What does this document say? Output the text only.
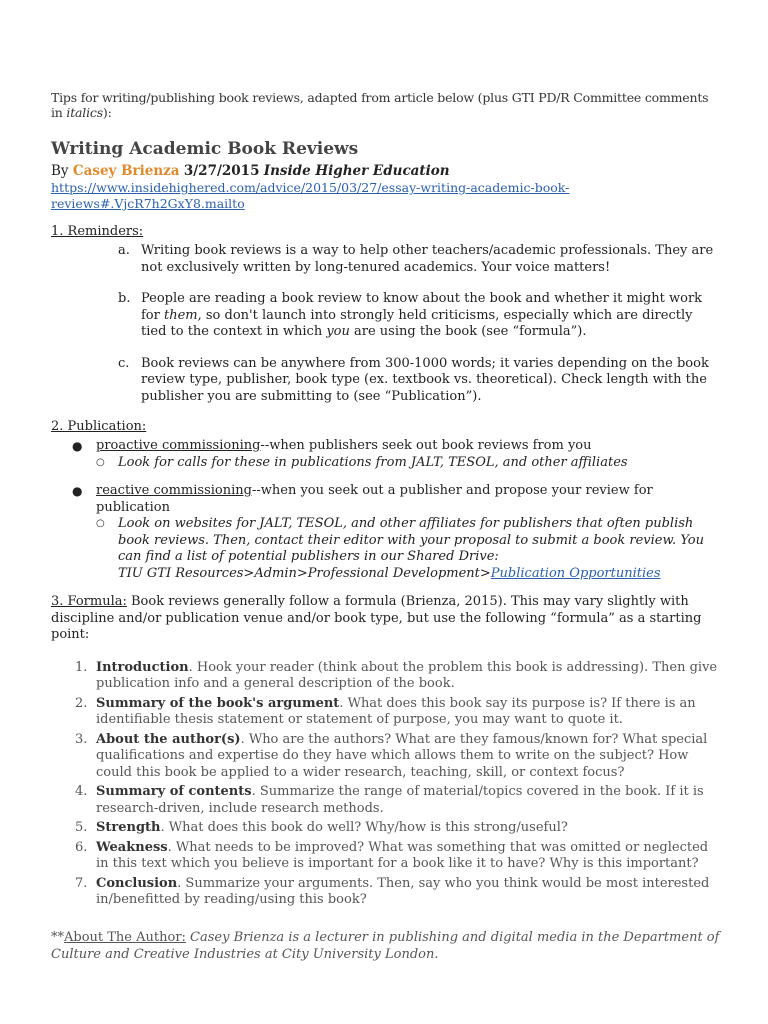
Tips for writing/publishing book reviews, adapted from article below (plus GTI PD/R Committee comments in italics):

Writing Academic Book Reviews
By Casey Brienza 3/27/2015 Inside Higher Education
https://www.insidehighered.com/advice/2015/03/27/essay-writing-academic-book-reviews#.VjcR7h2GxY8.mailto
1. Reminders:
a. Writing book reviews is a way to help other teachers/academic professionals. They are not exclusively written by long-tenured academics. Your voice matters!
b. People are reading a book review to know about the book and whether it might work for them, so don't launch into strongly held criticisms, especially which are directly tied to the context in which you are using the book (see “formula”).
c. Book reviews can be anywhere from 300-1000 words; it varies depending on the book review type, publisher, book type (ex. textbook vs. theoretical). Check length with the publisher you are submitting to (see “Publication”).
2. Publication:
● proactive commissioning--when publishers seek out book reviews from you
○ Look for calls for these in publications from JALT, TESOL, and other affiliates
● reactive commissioning--when you seek out a publisher and propose your review for publication
○ Look on websites for JALT, TESOL, and other affiliates for publishers that often publish book reviews. Then, contact their editor with your proposal to submit a book review. You can find a list of potential publishers in our Shared Drive:
TIU GTI Resources>Admin>Professional Development>Publication Opportunities

3. Formula: Book reviews generally follow a formula (Brienza, 2015). This may vary slightly with discipline and/or publication venue and/or book type, but use the following “formula” as a starting point:

1. Introduction. Hook your reader (think about the problem this book is addressing). Then give publication info and a general description of the book.
2. Summary of the book's argument. What does this book say its purpose is? If there is an identifiable thesis statement or statement of purpose, you may want to quote it.
3. About the author(s). Who are the authors? What are they famous/known for? What special qualifications and expertise do they have which allows them to write on the subject? How could this book be applied to a wider research, teaching, skill, or context focus?
4. Summary of contents. Summarize the range of material/topics covered in the book. If it is research-driven, include research methods.
5. Strength. What does this book do well? Why/how is this strong/useful?
6. Weakness. What needs to be improved? What was something that was omitted or neglected in this text which you believe is important for a book like it to have? Why is this important?
7. Conclusion. Summarize your arguments. Then, say who you think would be most interested in/benefitted by reading/using this book?

**About The Author: Casey Brienza is a lecturer in publishing and digital media in the Department of Culture and Creative Industries at City University London.
